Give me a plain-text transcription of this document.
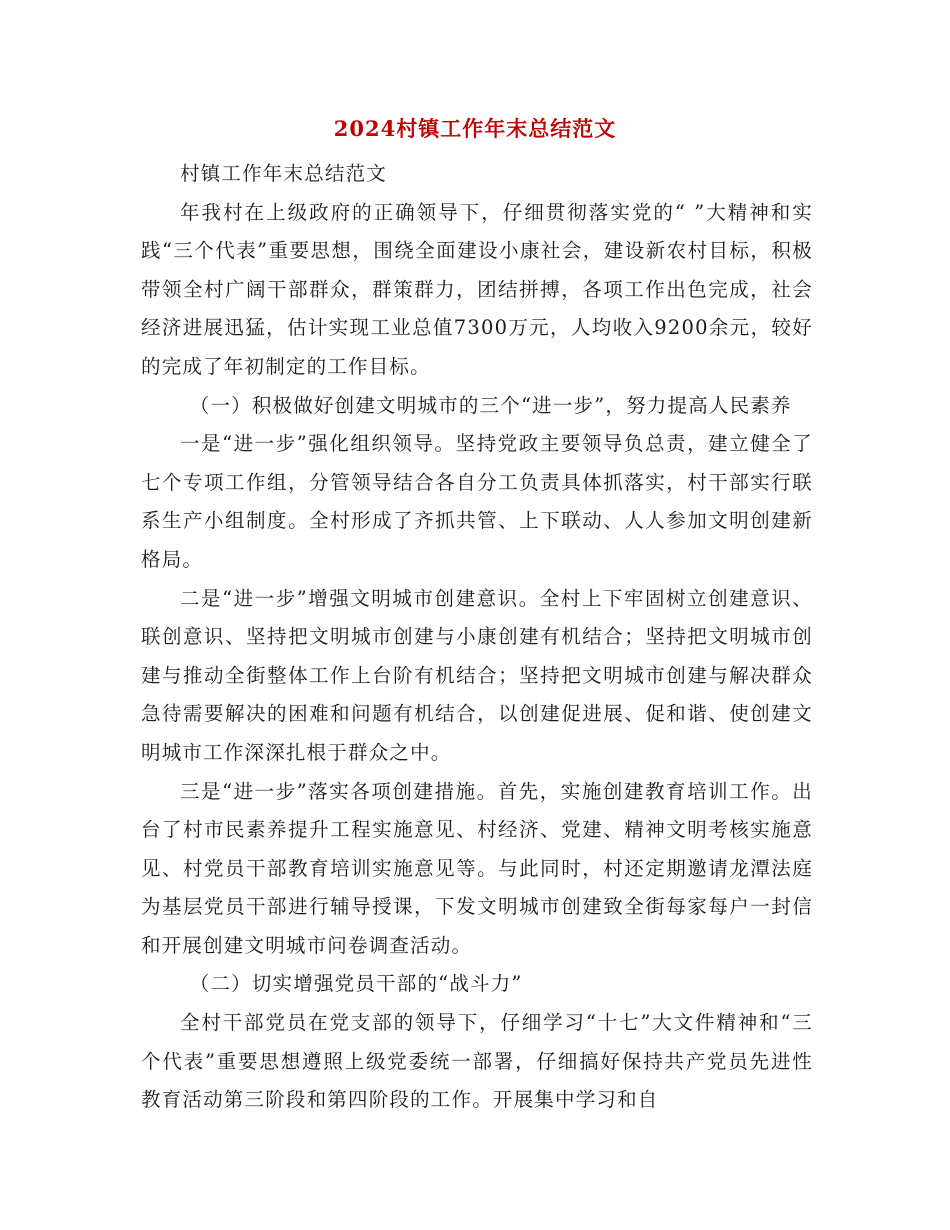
2024村镇工作年末总结范文

村镇工作年末总结范文

年我村在上级政府的正确领导下，仔细贯彻落实党的“ ”大精神和实践“三个代表”重要思想，围绕全面建设小康社会，建设新农村目标，积极带领全村广阔干部群众，群策群力，团结拼搏，各项工作出色完成，社会经济进展迅猛，估计实现工业总值7300万元，人均收入9200余元，较好的完成了年初制定的工作目标。

（一）积极做好创建文明城市的三个“进一步”，努力提高人民素养

一是“进一步”强化组织领导。坚持党政主要领导负总责，建立健全了七个专项工作组，分管领导结合各自分工负责具体抓落实，村干部实行联系生产小组制度。全村形成了齐抓共管、上下联动、人人参加文明创建新格局。

二是“进一步”增强文明城市创建意识。全村上下牢固树立创建意识、联创意识、坚持把文明城市创建与小康创建有机结合；坚持把文明城市创建与推动全街整体工作上台阶有机结合；坚持把文明城市创建与解决群众急待需要解决的困难和问题有机结合，以创建促进展、促和谐、使创建文明城市工作深深扎根于群众之中。

三是“进一步”落实各项创建措施。首先，实施创建教育培训工作。出台了村市民素养提升工程实施意见、村经济、党建、精神文明考核实施意见、村党员干部教育培训实施意见等。与此同时，村还定期邀请龙潭法庭为基层党员干部进行辅导授课，下发文明城市创建致全街每家每户一封信和开展创建文明城市问卷调查活动。

（二）切实增强党员干部的“战斗力”

全村干部党员在党支部的领导下，仔细学习“十七”大文件精神和“三个代表”重要思想遵照上级党委统一部署，仔细搞好保持共产党员先进性教育活动第三阶段和第四阶段的工作。开展集中学习和自
